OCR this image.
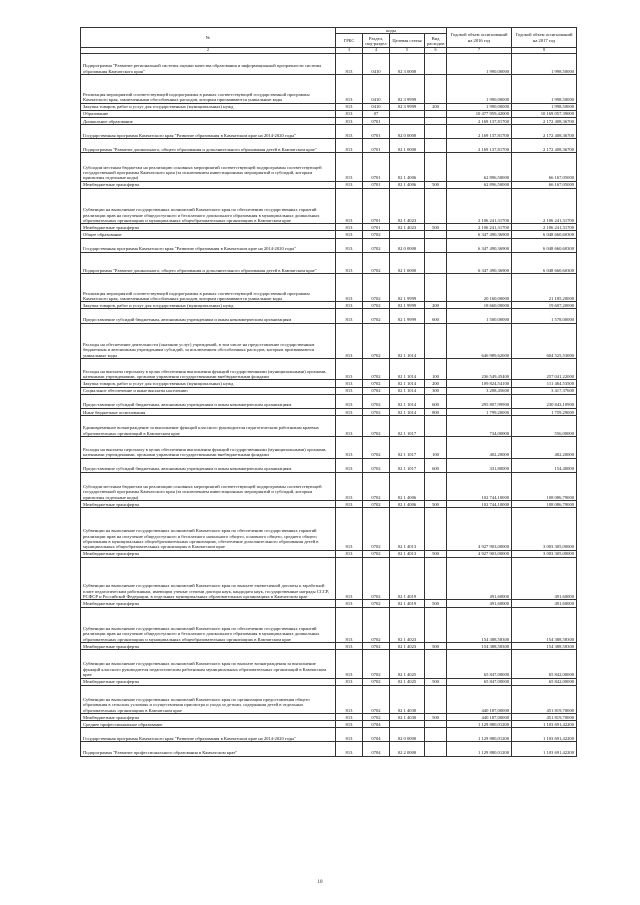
№	коды				Годовой объем ассигнований на 2016 год	Годовой объем ассигнований на 2017 год
	ГРБС	Раздел, под-раздел	Целевая статья	Вид расходов		
2	3	4	5	6	7	8
Подпрограмма "Развитие региональной системы оценки качества образования и информационной прозрачности системы образования Камчатского края"	813	0410	02 3 0000		1 990,00000	1 998,50000
Реализация мероприятий соответствующей подпрограммы в рамках соответствующей государственной программы Камчатского края, заключенными обособленных расходов, которым присваиваются уникальные коды	813	0410	02 3 9999		1 990,00000	1 998,50000
Закупка товаров, работ и услуг для государственных (муниципальных) нужд	813	0410	02 3 9999	200	1 990,00000	1 998,50000
Образование	813	07			10 477 959,42000	10 169 057,39000
Дошкольное образование	813	0701			2 169 137,81700	2 172 408,36700
Государственная программа Камчатского края "Развитие образования в Камчатском крае на 2014-2020 годы"	813	0701	02 0 0000		2 169 137,81700	2 172 408,36700
Подпрограмма "Развитие дошкольного, общего образования и дополнительного образования детей в Камчатском крае"	813	0701	02 1 0000		2 169 137,81700	2 172 408,36700
Субсидии местным бюджетам на реализацию основных мероприятий соответствующей подпрограммы соответствующей государственной программы Камчатского края (за исключением инвестиционных мероприятий и субсидий, которым присвоены отдельные коды)	813	0701	02 1 4006		62 896,50000	66 167,05000
Межбюджетные трансферты	813	0701	02 1 4006	500	62 896,50000	66 167,05000
Субвенции на выполнение государственных полномочий Камчатского края по обеспечению государственных гарантий реализации прав на получение общедоступного и бесплатного дошкольного образования в муниципальных дошкольных образовательных организациях и муниципальных общеобразовательных организациях в Камчатском крае	813	0701	02 1 4023		2 106 241,31700	2 106 241,31700
Межбюджетные трансферты	813	0701	02 1 4023	500	2 106 241,31700	2 106 241,31700
Общее образование	813	0702			6 347 490,36900	6 048 660,60300
Государственная программа Камчатского края "Развитие образования в Камчатском крае на 2014-2020 годы"	813	0702	02 0 0000		6 347 490,36900	6 048 660,60300
Подпрограмма "Развитие дошкольного, общего образования и дополнительного образования детей в Камчатском крае"	813	0702	02 1 0000		6 347 490,36900	6 048 660,60300
Реализация мероприятий соответствующей подпрограммы в рамках соответствующей государственной программы Камчатского края, заключенными обособленных расходов, которым присваиваются уникальные коды	813	0702	02 1 9999		20 160,00000	21 185,20000
Закупка товаров, работ и услуг для государственных (муниципальных) нужд	813	0702	02 1 9999	200	18 660,00000	19 607,20000
Предоставление субсидий бюджетным, автономным учреждениям и иным некоммерческим организациям	813	0702	02 1 9999	600	1 500,00000	1 578,00000
Расходы на обеспечение деятельности (оказание услуг) учреждений, в том числе на предоставление государственным бюджетным и автономным учреждениям субсидий, за исключением обособленных расходов, которым присваиваются уникальные коды	813	0702	02 1 1014		646 989,62000	604 525,53000
Расходы на выплаты персоналу в целях обеспечения выполнения функций государственными (муниципальными) органами, казенными учреждениями, органами управления государственными внебюджетными фондами	813	0702	02 1 1014	100	236 549,45400	257 041,22000
Закупка товаров, работ и услуг для государственных (муниципальных) нужд	813	0702	02 1 1014	200	109 824,54100	111 464,53500
Социальное обеспечение и иные выплаты населению	813	0702	02 1 1014	300	3 208,45600	3 417,37600
Предоставление субсидий бюджетным, автономным учреждениям и иным некоммерческим организациям	813	0702	02 1 1014	600	295 807,99900	230 843,10900
Иные бюджетные ассигнования	813	0702	02 1 1014	800	1 799,20000	1 759,29000
Единовременное вознаграждение за выполнение функций классного руководителя педагогическим работникам краевых образовательных организаций в Камчатском крае	813	0702	02 1 1017		734,00000	556,00000
Расходы на выплаты персоналу в целях обеспечения выполнения функций государственными (муниципальными) органами, казенными учреждениями, органами управления государственными внебюджетными фондами	813	0702	02 1 1017	100	402,20000	402,20000
Предоставление субсидий бюджетным, автономным учреждениям и иным некоммерческим организациям	813	0702	02 1 1017	600	331,80000	154,40000
Субсидии местным бюджетам на реализацию основных мероприятий соответствующей подпрограммы соответствующей государственной программы Камчатского края (за исключением инвестиционных мероприятий и субсидий, которым присвоены отдельные коды)	813	0702	02 1 4006		102 744,10000	108 086,79000
Межбюджетные трансферты	813	0702	02 1 4006	500	102 744,10000	108 086,79000
Субвенции на выполнение государственных полномочий Камчатского края по обеспечению государственных гарантий реализации прав на получение общедоступного и бесплатного начального общего, основного общего, среднего общего образования в муниципальных общеобразовательных организациях, обеспечение дополнительного образования детей в муниципальных общеобразовательных организациях в Камчатском крае	813	0702	02 1 4013		4 927 903,00000	3 003 305,00000
Межбюджетные трансферты	813	0702	02 1 4013	500	4 927 903,00000	3 003 305,00000
Субвенции на выполнение государственных полномочий Камчатского края по выплате ежемесячной доплаты к заработной плате педагогическим работникам, имеющим ученые степени доктора наук, кандидата наук, государственные награды СССР, РСФСР и Российской Федерации, в отдельных муниципальных образовательных организациях в Камчатском крае	813	0702	02 1 4019		491,60000	491,60000
Межбюджетные трансферты	813	0702	02 1 4019	500	491,60000	491,60000
Субвенции на выполнение государственных полномочий Камчатского края по обеспечению государственных гарантий реализации прав на получение общедоступного и бесплатного дошкольного образования в муниципальных дошкольных образовательных организациях и муниципальных общеобразовательных организациях в Камчатском крае	813	0702	02 1 4023		154 388,58300	154 388,58300
Межбюджетные трансферты	813	0702	02 1 4023	500	154 388,58300	154 388,58300
Субвенции на выполнение государственных полномочий Камчатского края по выплате вознаграждения за выполнение функций классного руководителя педагогическим работникам муниципальных образовательных организаций в Камчатском крае	813	0702	02 1 4025		65 847,00000	65 842,00000
Межбюджетные трансферты	813	0702	02 1 4025	500	65 847,00000	65 842,00000
Субвенции на выполнение государственных полномочий Камчатского края по организации предоставления общего образования в сельских условиях и осуществления присмотра и ухода за детьми, содержания детей в отдельных образовательных организациях в Камчатском крае	813	0702	02 1 4030		440 187,00000	451 819,70000
Межбюджетные трансферты	813	0702	02 1 4030	500	440 187,00000	451 819,70000
Среднее профессиональное образование	813	0704			1 129 880,01200	1 103 691,42200
Государственная программа Камчатского края "Развитие образования в Камчатском крае на 2014-2020 годы"	813	0704	02 0 0000		1 129 880,01200	1 103 691,42200
Подпрограмма "Развитие профессионального образования в Камчатском крае"	813	0704	02 2 0000		1 129 880,01200	1 103 691,42200
10
